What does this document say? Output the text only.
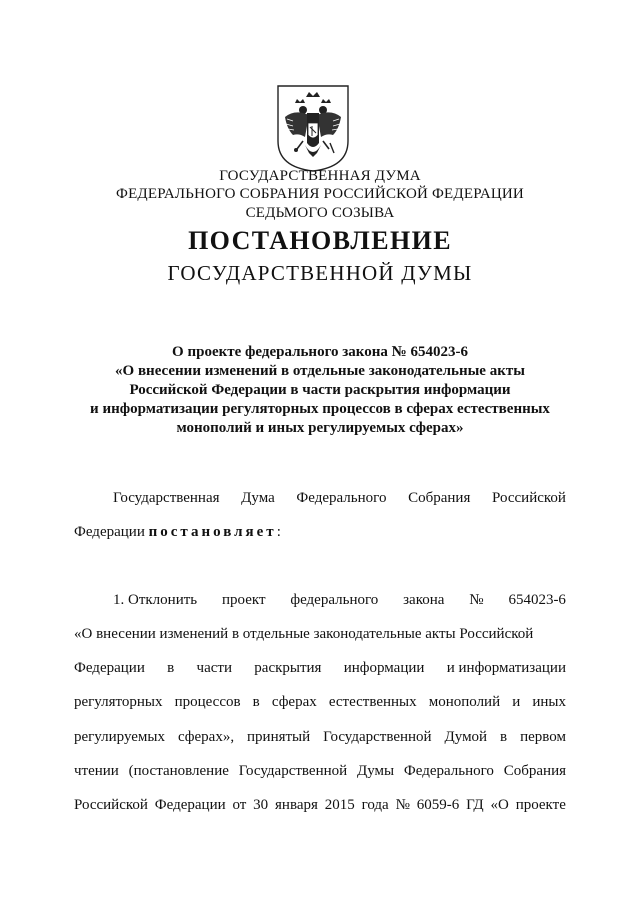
ГОСУДАРСТВЕННАЯ ДУМА
ФЕДЕРАЛЬНОГО СОБРАНИЯ РОССИЙСКОЙ ФЕДЕРАЦИИ
СЕДЬМОГО СОЗЫВА
ПОСТАНОВЛЕНИЕ
ГОСУДАРСТВЕННОЙ ДУМЫ
О проекте федерального закона № 654023-6
«О внесении изменений в отдельные законодательные акты
Российской Федерации в части раскрытия информации
и информатизации регуляторных процессов в сферах естественных
монополий и иных регулируемых сферах»
Государственная Дума Федерального Собрания Российской
Федерации постановляет:
1. Отклонить проект федерального закона № 654023-6
«О внесении изменений в отдельные законодательные акты Российской
Федерации в части раскрытия информации и информатизации
регуляторных процессов в сферах естественных монополий и иных
регулируемых сферах», принятый Государственной Думой в первом
чтении (постановление Государственной Думы Федерального Собрания
Российской Федерации от 30 января 2015 года № 6059-6 ГД «О проекте
